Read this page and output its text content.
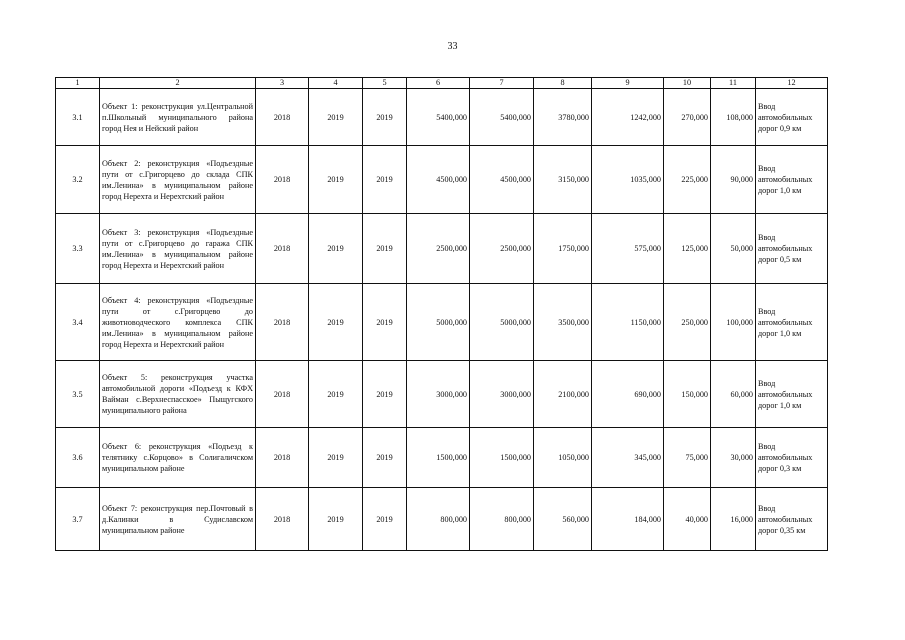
33
1	2	3	4	5	6	7	8	9	10	11	12
3.1	Объект 1: реконструкция ул.Центральной п.Школьный муниципального района город Нея и Нейский район	2018	2019	2019	5400,000	5400,000	3780,000	1242,000	270,000	108,000	Ввод автомобильных дорог 0,9 км
3.2	Объект 2: реконструкция «Подъездные пути от с.Григорцево до склада СПК им.Ленина» в муниципальном районе город Нерехта и Нерехтский район	2018	2019	2019	4500,000	4500,000	3150,000	1035,000	225,000	90,000	Ввод автомобильных дорог 1,0 км
3.3	Объект 3: реконструкция «Подъездные пути от с.Григорцево до гаража СПК им.Ленина» в муниципальном районе город Нерехта и Нерехтский район	2018	2019	2019	2500,000	2500,000	1750,000	575,000	125,000	50,000	Ввод автомобильных дорог 0,5 км
3.4	Объект 4: реконструкция «Подъездные пути от с.Григорцево до животноводческого комплекса СПК им.Ленина» в муниципальном районе город Нерехта и Нерехтский район	2018	2019	2019	5000,000	5000,000	3500,000	1150,000	250,000	100,000	Ввод автомобильных дорог 1,0 км
3.5	Объект 5: реконструкция участка автомобильной дороги «Подъезд к КФХ Вайман с.Верхнеспасское» Пыщугского муниципального района	2018	2019	2019	3000,000	3000,000	2100,000	690,000	150,000	60,000	Ввод автомобильных дорог 1,0 км
3.6	Объект 6: реконструкция «Подъезд к телятнику с.Корцово» в Солигаличском муниципальном районе	2018	2019	2019	1500,000	1500,000	1050,000	345,000	75,000	30,000	Ввод автомобильных дорог 0,3 км
3.7	Объект 7: реконструкция пер.Почтовый в д.Калинки в Судиславском муниципальном районе	2018	2019	2019	800,000	800,000	560,000	184,000	40,000	16,000	Ввод автомобильных дорог 0,35 км
